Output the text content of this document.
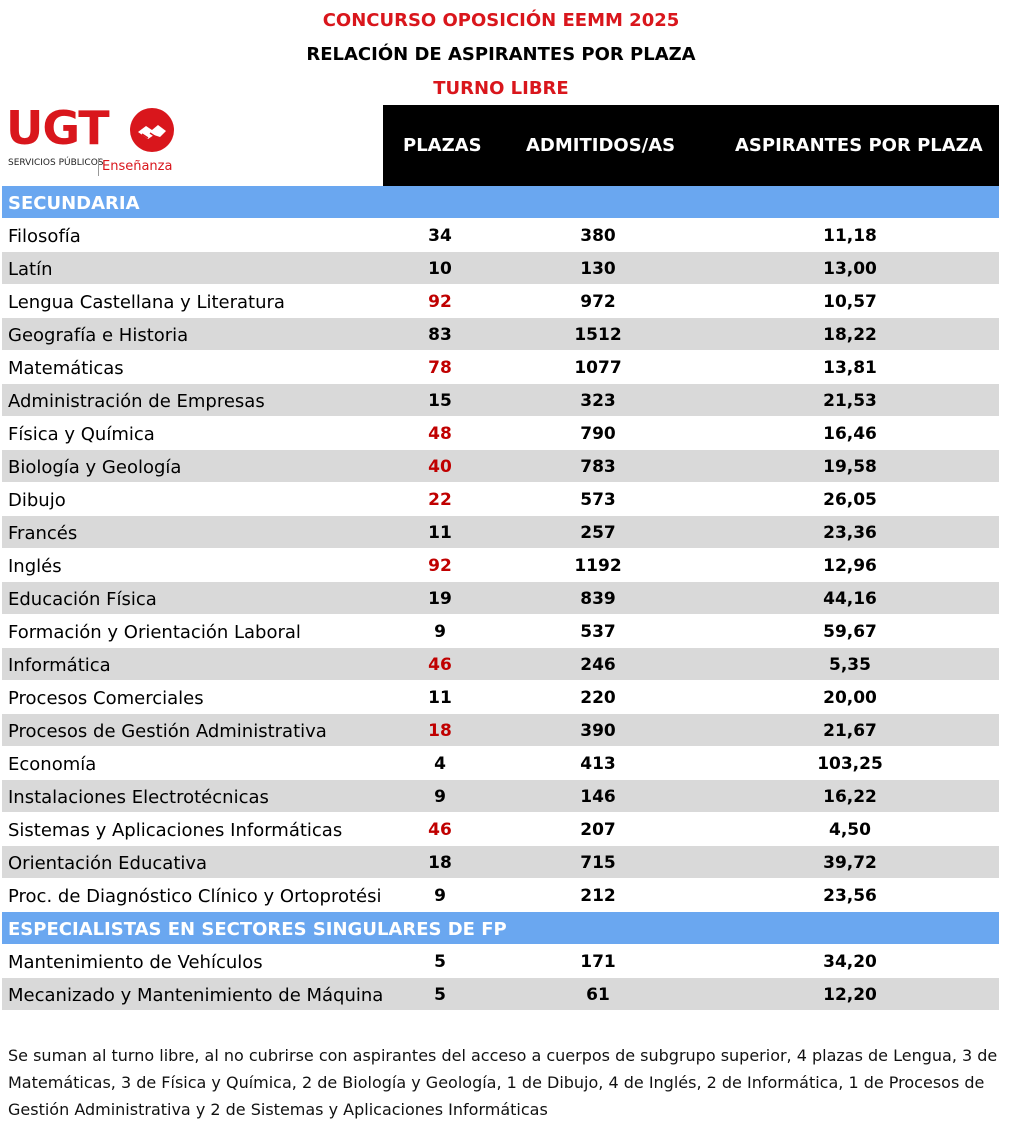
CONCURSO OPOSICIÓN EEMM 2025
RELACIÓN DE ASPIRANTES POR PLAZA
TURNO LIBRE
UGT
SERVICIOS PÚBLICOS
Enseñanza
PLAZAS ADMITIDOS/AS	ASPIRANTES POR PLAZA
SECUNDARIA
Filosofía	34	380	11,18
Latín	10	130	13,00
Lengua Castellana y Literatura	92	972	10,57
Geografía e Historia	83	1512	18,22
Matemáticas	78	1077	13,81
Administración de Empresas	15	323	21,53
Física y Química	48	790	16,46
Biología y Geología	40	783	19,58
Dibujo	22	573	26,05
Francés	11	257	23,36
Inglés	92	1192	12,96
Educación Física	19	839	44,16
Formación y Orientación Laboral	9	537	59,67
Informática	46	246	5,35
Procesos Comerciales	11	220	20,00
Procesos de Gestión Administrativa	18	390	21,67
Economía	4	413	103,25
Instalaciones Electrotécnicas	9	146	16,22
Sistemas y Aplicaciones Informáticas	46	207	4,50
Orientación Educativa	18	715	39,72
Proc. de Diagnóstico Clínico y Ortoprotési	9	212	23,56
ESPECIALISTAS EN SECTORES SINGULARES DE FP
Mantenimiento de Vehículos	5	171	34,20
Mecanizado y Mantenimiento de Máquina	5	61	12,20
Se suman al turno libre, al no cubrirse con aspirantes del acceso a cuerpos de subgrupo superior, 4 plazas de Lengua, 3 de Matemáticas, 3 de Física y Química, 2 de Biología y Geología, 1 de Dibujo, 4 de Inglés, 2 de Informática, 1 de Procesos de Gestión Administrativa y 2 de Sistemas y Aplicaciones Informáticas
